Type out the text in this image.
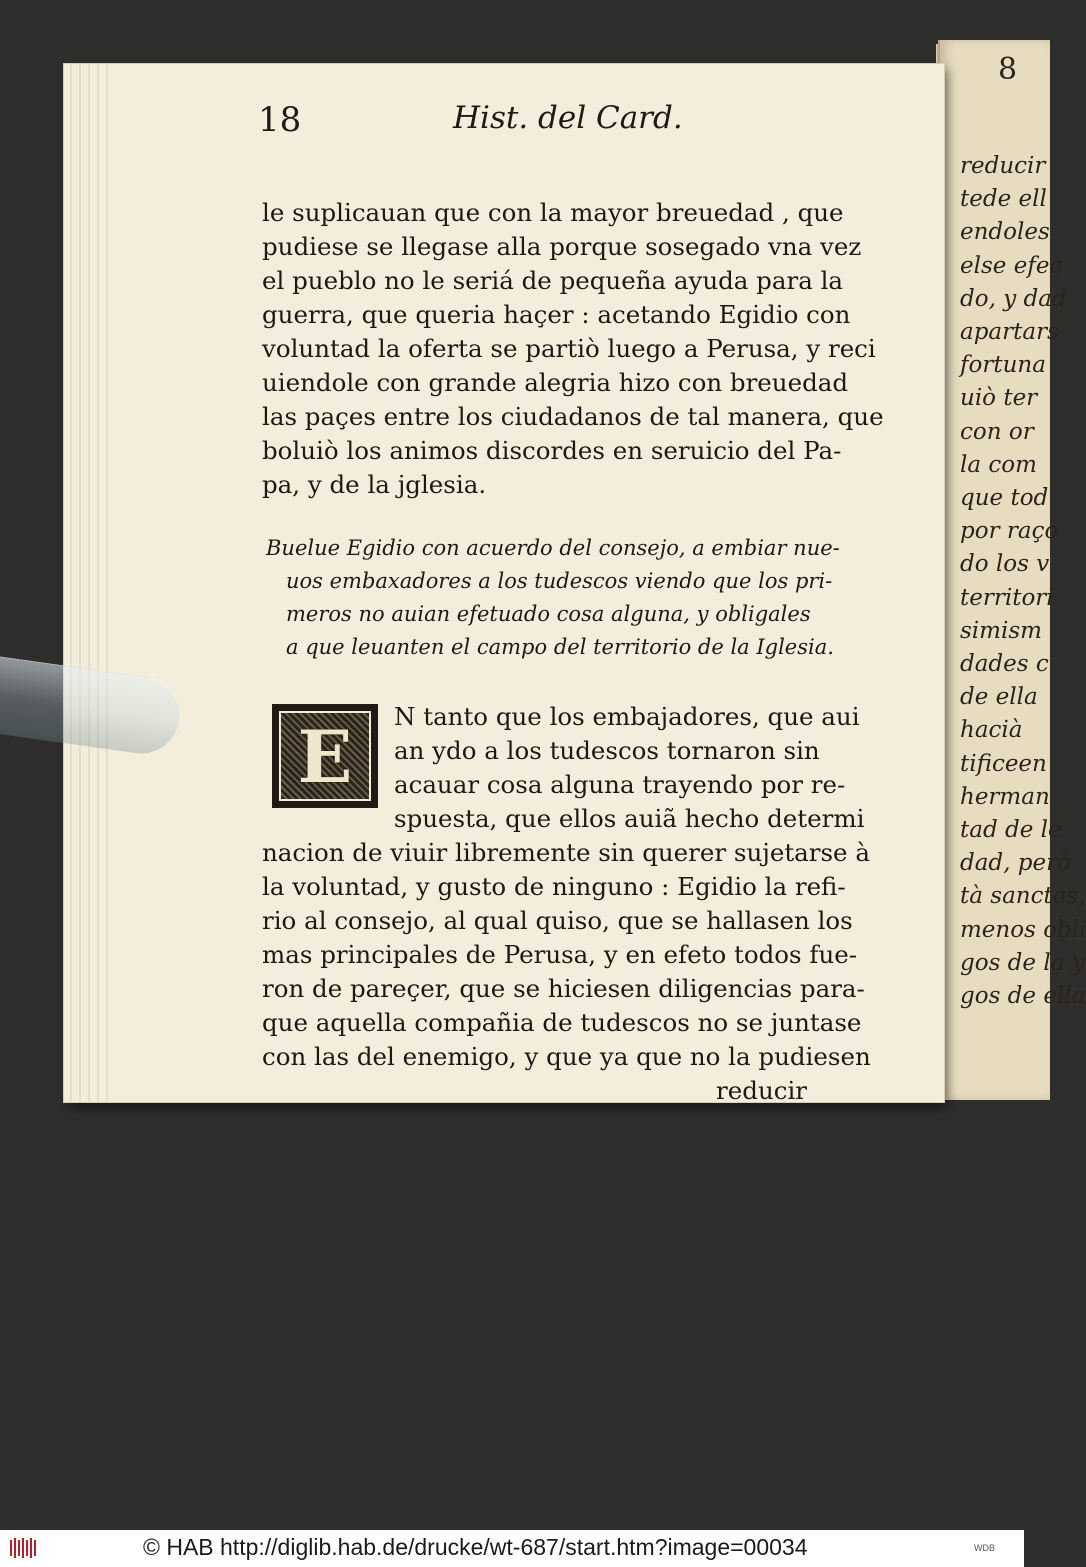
8
reducir
tede ell
endoles
else efec
do, y dad
apartars
fortuna
uiò ter
con or
la com
que tod
por raço
do los v
territori
simism
dades c
de ella
hacià
tificeen
herman
tad de le
dad, però
tà sanctas,
menos obli
gos de la y
gos de ella
18	Hist. del Card.
le suplicauan que con la mayor breuedad , que
pudiese se llegase alla porque sosegado vna vez
el pueblo no le seriá de pequeña ayuda para la
guerra, que queria haçer : acetando Egidio con
voluntad la oferta se partiò luego a Perusa, y reci
uiendole con grande alegria hizo con breuedad
las paçes entre los ciudadanos de tal manera, que
boluiò los animos discordes en seruicio del Pa-
pa, y de la jglesia.
Buelue Egidio con acuerdo del consejo, a embiar nue-
uos embaxadores a los tudescos viendo que los pri-
meros no auian efetuado cosa alguna, y obligales
a que leuanten el campo del territorio de la Iglesia.
E	N tanto que los embajadores, que aui
an ydo a los tudescos tornaron sin
acauar cosa alguna trayendo por re-
spuesta, que ellos auiã hecho determi
nacion de viuir libremente sin querer sujetarse à
la voluntad, y gusto de ninguno : Egidio la refi-
rio al consejo, al qual quiso, que se hallasen los
mas principales de Perusa, y en efeto todos fue-
ron de pareçer, que se hiciesen diligencias para-
que aquella compañia de tudescos no se juntase
con las del enemigo, y que ya que no la pudiesen
reducir
© HAB http://diglib.hab.de/drucke/wt-687/start.htm?image=00034	WDB
